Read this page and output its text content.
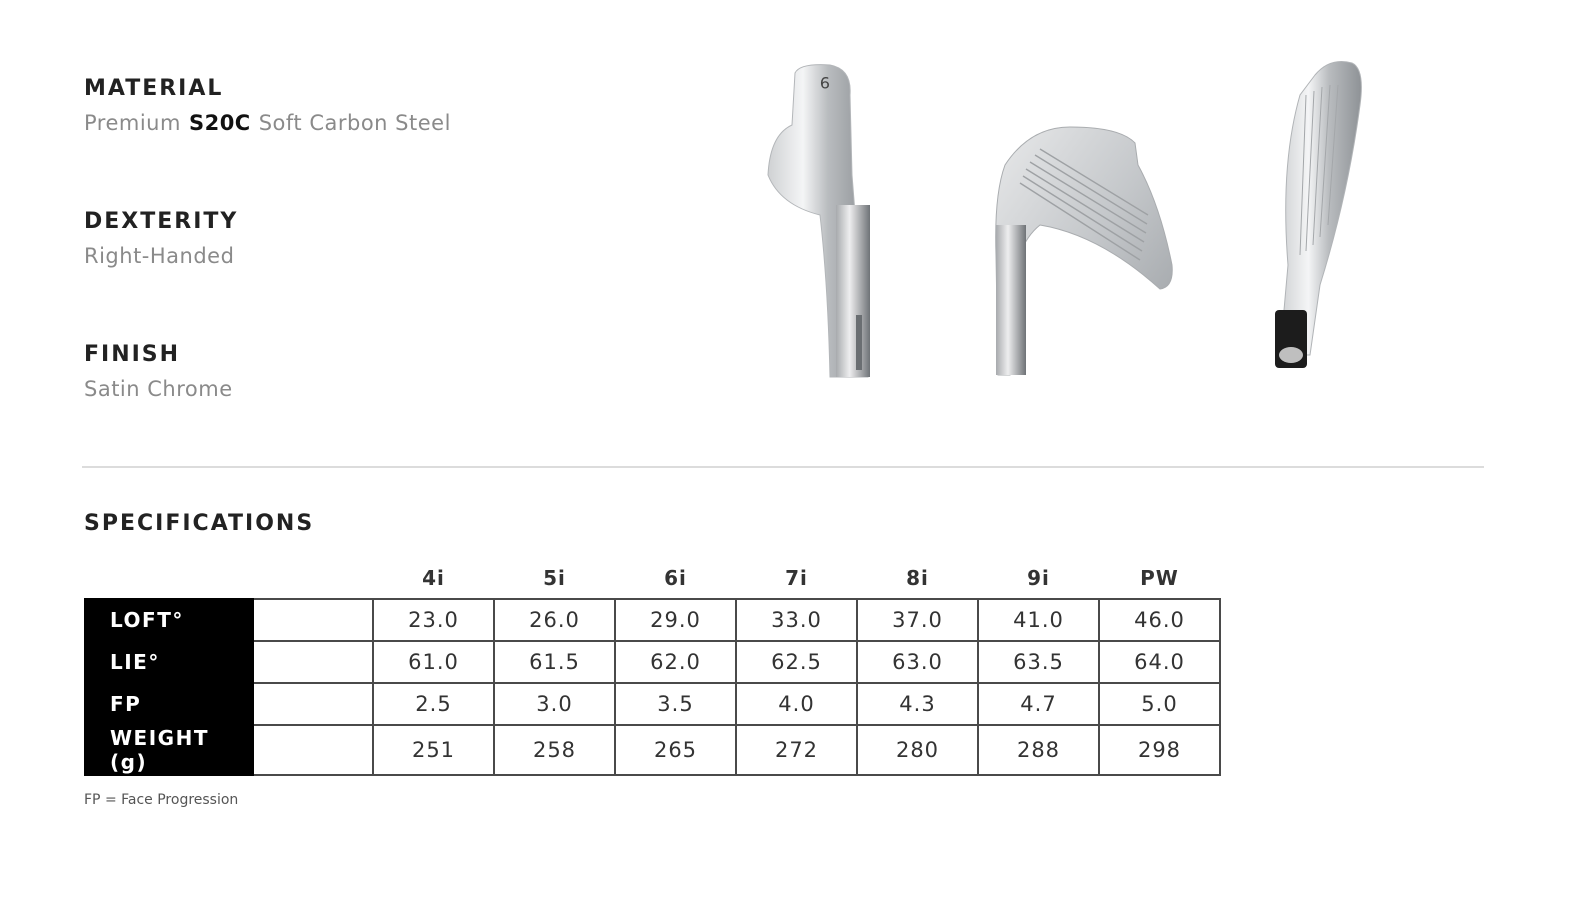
MATERIAL
Premium S20C Soft Carbon Steel
DEXTERITY
Right-Handed
FINISH
Satin Chrome
9
SPECIFICATIONS
		4i	5i	6i	7i	8i	9i	PW
LOFT°		23.0	26.0	29.0	33.0	37.0	41.0	46.0
LIE°		61.0	61.5	62.0	62.5	63.0	63.5	64.0
FP		2.5	3.0	3.5	4.0	4.3	4.7	5.0
WEIGHT (g)		251	258	265	272	280	288	298
FP = Face Progression
